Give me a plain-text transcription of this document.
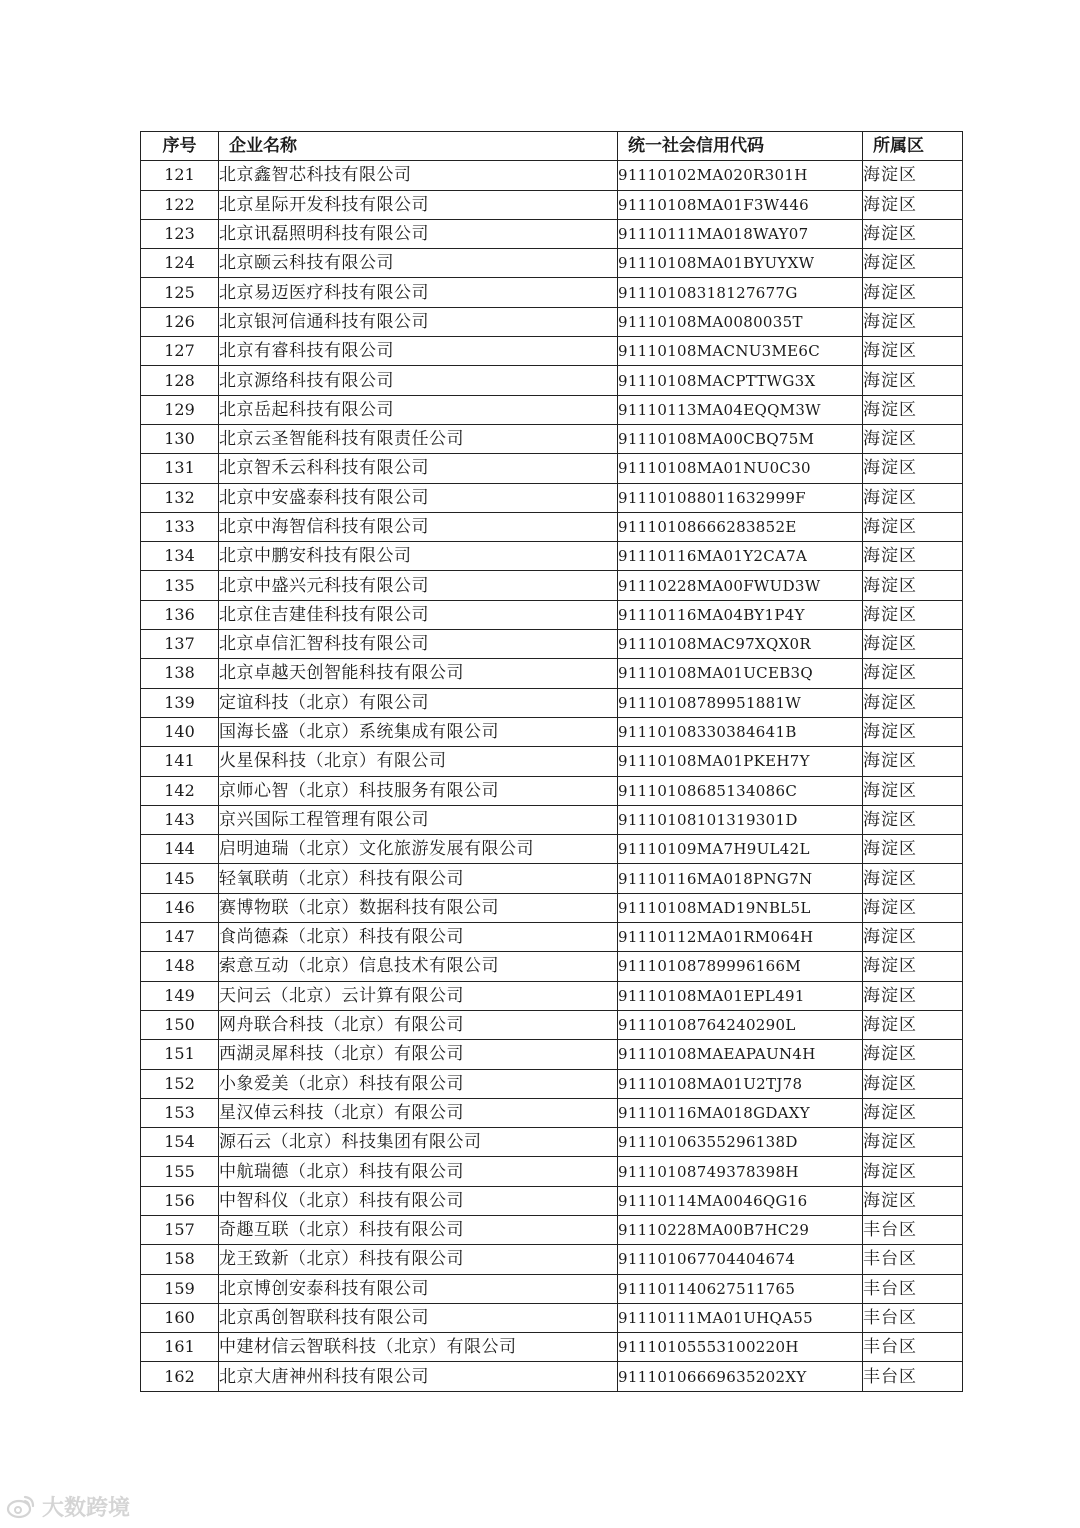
序号	企业名称	统一社会信用代码	所属区
121	北京鑫智芯科技有限公司	91110102MA020R301H	海淀区
122	北京星际开发科技有限公司	91110108MA01F3W446	海淀区
123	北京讯磊照明科技有限公司	91110111MA018WAY07	海淀区
124	北京颐云科技有限公司	91110108MA01BYUYXW	海淀区
125	北京易迈医疗科技有限公司	91110108318127677G	海淀区
126	北京银河信通科技有限公司	91110108MA0080035T	海淀区
127	北京有睿科技有限公司	91110108MACNU3ME6C	海淀区
128	北京源络科技有限公司	91110108MACPTTWG3X	海淀区
129	北京岳起科技有限公司	91110113MA04EQQM3W	海淀区
130	北京云圣智能科技有限责任公司	91110108MA00CBQ75M	海淀区
131	北京智禾云科科技有限公司	91110108MA01NU0C30	海淀区
132	北京中安盛泰科技有限公司	911101088011632999F	海淀区
133	北京中海智信科技有限公司	91110108666283852E	海淀区
134	北京中鹏安科技有限公司	91110116MA01Y2CA7A	海淀区
135	北京中盛兴元科技有限公司	91110228MA00FWUD3W	海淀区
136	北京住吉建佳科技有限公司	91110116MA04BY1P4Y	海淀区
137	北京卓信汇智科技有限公司	91110108MAC97XQX0R	海淀区
138	北京卓越天创智能科技有限公司	91110108MA01UCEB3Q	海淀区
139	定谊科技（北京）有限公司	91110108789951881W	海淀区
140	国海长盛（北京）系统集成有限公司	91110108330384641B	海淀区
141	火星保科技（北京）有限公司	91110108MA01PKEH7Y	海淀区
142	京师心智（北京）科技服务有限公司	91110108685134086C	海淀区
143	京兴国际工程管理有限公司	91110108101319301D	海淀区
144	启明迪瑞（北京）文化旅游发展有限公司	91110109MA7H9UL42L	海淀区
145	轻氧联萌（北京）科技有限公司	91110116MA018PNG7N	海淀区
146	赛博物联（北京）数据科技有限公司	91110108MAD19NBL5L	海淀区
147	食尚德森（北京）科技有限公司	91110112MA01RM064H	海淀区
148	索意互动（北京）信息技术有限公司	91110108789996166M	海淀区
149	天问云（北京）云计算有限公司	91110108MA01EPL491	海淀区
150	网舟联合科技（北京）有限公司	91110108764240290L	海淀区
151	西湖灵犀科技（北京）有限公司	91110108MAEAPAUN4H	海淀区
152	小象爱美（北京）科技有限公司	91110108MA01U2TJ78	海淀区
153	星汉倬云科技（北京）有限公司	91110116MA018GDAXY	海淀区
154	源石云（北京）科技集团有限公司	91110106355296138D	海淀区
155	中航瑞德（北京）科技有限公司	91110108749378398H	海淀区
156	中智科仪（北京）科技有限公司	91110114MA0046QG16	海淀区
157	奇趣互联（北京）科技有限公司	91110228MA00B7HC29	丰台区
158	龙王致新（北京）科技有限公司	911101067704404674	丰台区
159	北京博创安泰科技有限公司	911101140627511765	丰台区
160	北京禹创智联科技有限公司	91110111MA01UHQA55	丰台区
161	中建材信云智联科技（北京）有限公司	91110105553100220H	丰台区
162	北京大唐神州科技有限公司	91110106669635202XY	丰台区
大数跨境
